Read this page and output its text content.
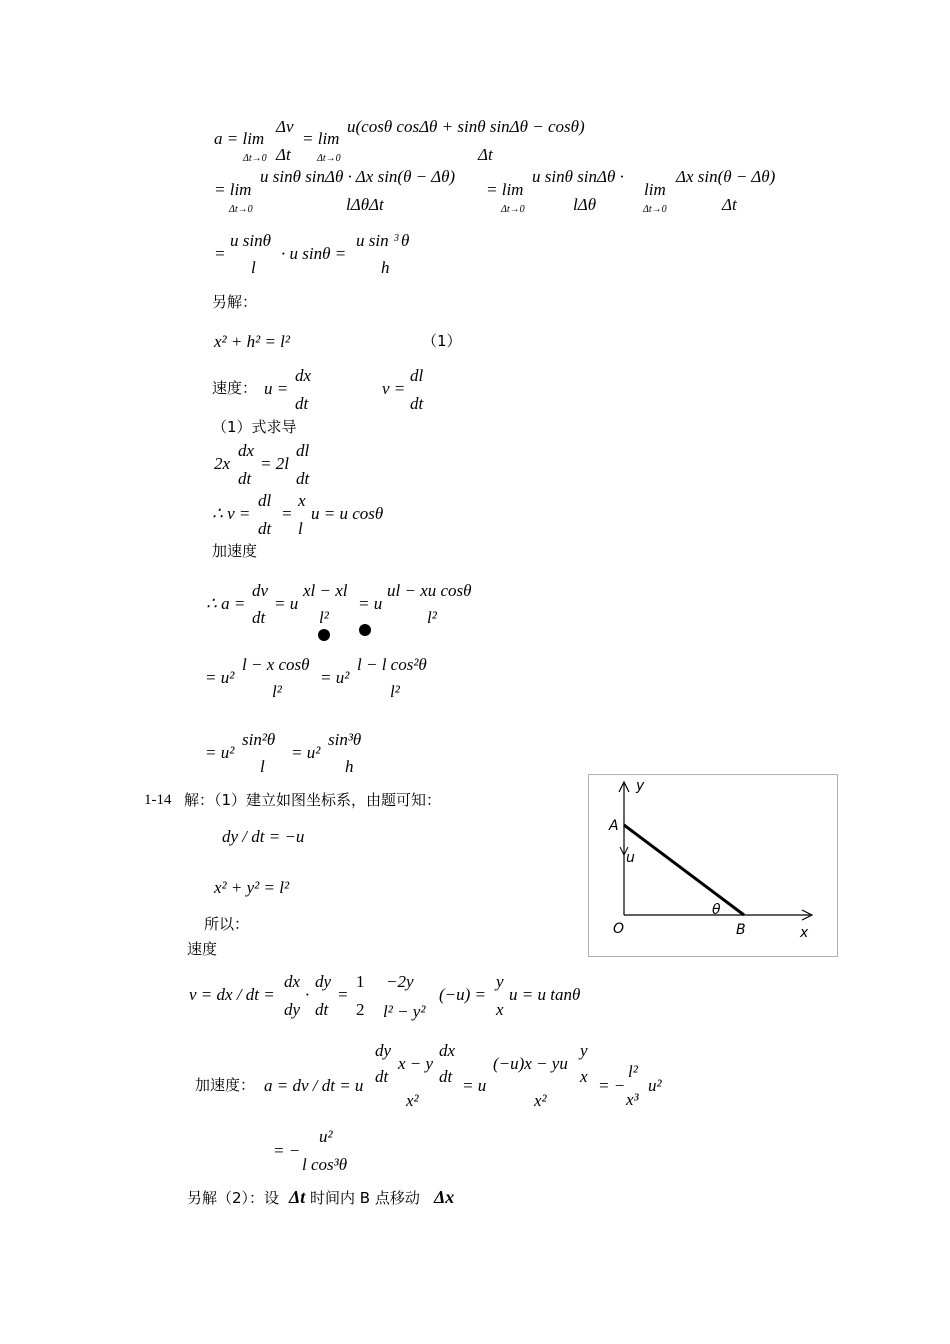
a = lim
Δv
Δt
Δt→0
= lim
Δt→0
u(cosθ cosΔθ + sinθ sinΔθ − cosθ)
Δt
= lim
Δt→0
u sinθ sinΔθ · Δx sin(θ − Δθ)
lΔθΔt
= lim
Δt→0
u sinθ sinΔθ ·
lΔθ
lim
Δt→0
Δx sin(θ − Δθ)
Δt
=
u sinθ
l
· u sinθ =
u sin 3 θ
h
另解：
x² + h² = l²	（1）
速度： u =
dx
dt
v =
dl
dt
（1）式求导
2x
dx
dt
= 2l
dl
dt
∴ v =
dl
dt
=
x
l
u = u cosθ
加速度
∴ a =
dv
dt
= u
xl − xl
l²
= u
ul − xu cosθ
l²
= u²
l − x cosθ
l²
= u²
l − l cos²θ
l²
= u²
sin²θ
l
= u²
sin³θ
h
1-14 解：（1）建立如图坐标系，由题可知：
dy / dt = −u
x² + y² = l²
所以：
速度
v = dx / dt =
dx
dy
·
dy
dt
=
1
2
−2y
l² − y²
(−u) =
y
x
u = u tanθ
加速度： a = dv / dt = u
dy
dt
x − y
dx
dt
x²
= u
(−u)x − yu
y
x
x²
= −
l²
x³
u²
= −
u²
l cos³θ
另解（2）：设 Δt 时间内 B 点移动 Δx
y
x
A
O	B
u
θ
